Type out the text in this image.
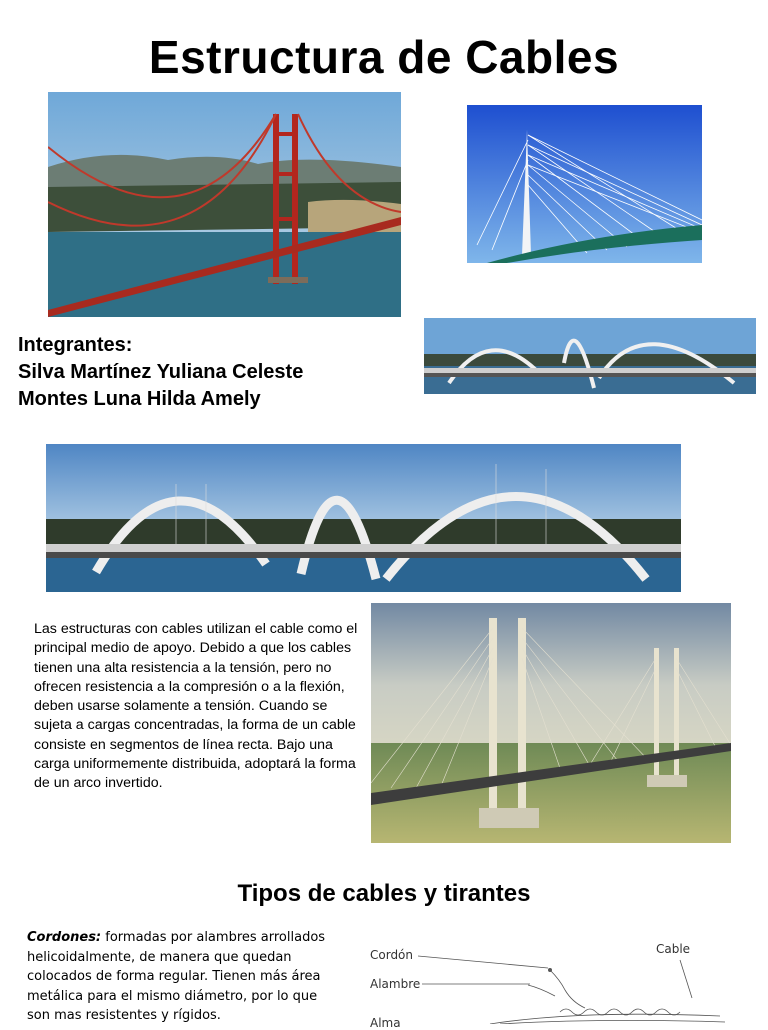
Estructura de Cables
Integrantes:
Silva Martínez Yuliana Celeste
Montes Luna Hilda Amely
Las estructuras con cables utilizan el cable como el principal medio de apoyo. Debido a que los cables tienen una alta resistencia a la tensión, pero no ofrecen resistencia a la compresión o a la flexión, deben usarse solamente a tensión. Cuando se sujeta a cargas concentradas, la forma de un cable consiste en segmentos de línea recta. Bajo una carga uniformemente distribuida, adoptará la forma de un arco invertido.
Tipos de cables y tirantes
Cordones: formadas por alambres arrollados helicoidalmente, de manera que quedan colocados de forma regular. Tienen más área metálica para el mismo diámetro, por lo que son mas resistentes y rígidos.
Cordón
Alambre
Cable
Alma
